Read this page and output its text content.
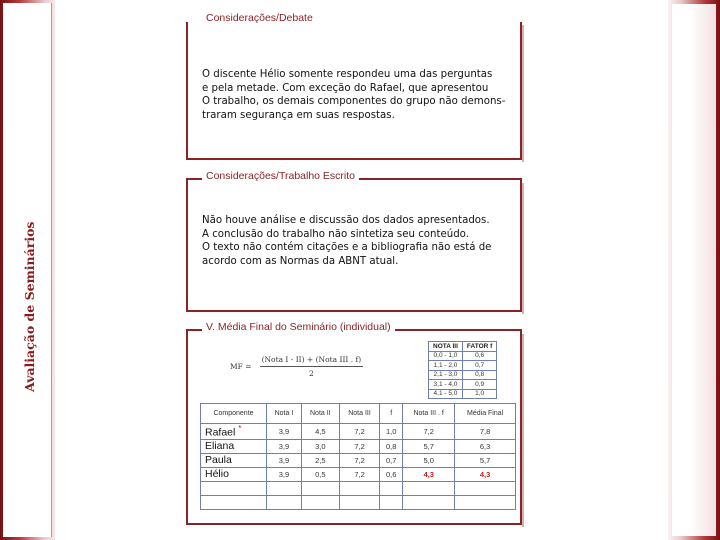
Avaliação de Seminários
Considerações/Debate
O discente Hélio somente respondeu uma das perguntas
e pela metade. Com exceção do Rafael, que apresentou
O trabalho, os demais componentes do grupo não demons-
traram segurança em suas respostas.
Considerações/Trabalho Escrito
Não houve análise e discussão dos dados apresentados.
A conclusão do trabalho não sintetiza seu conteúdo.
O texto não contém citações e a bibliografia não está de
acordo com as Normas da ABNT atual.
V. Média Final do Seminário (individual)
MF = $\frac{\text{(Nota I - II) + (Nota III . f)}}{2}$
NOTA III	FATOR f
0,0 - 1,0	0,6
1,1 - 2,0	0,7
2,1 - 3,0	0,8
3,1 - 4,0	0,9
4,1 - 5,0	1,0
Componente	Nota I	Nota II	Nota III	f	Nota III . f	Média Final
Rafael *	3,9	4,5	7,2	1,0	7,2	7,8
Eliana	3,9	3,0	7,2	0,8	5,7	6,3
Paula	3,9	2,5	7,2	0,7	5,0	5,7
Hélio	3,9	0,5	7,2	0,6	4,3	4,3
